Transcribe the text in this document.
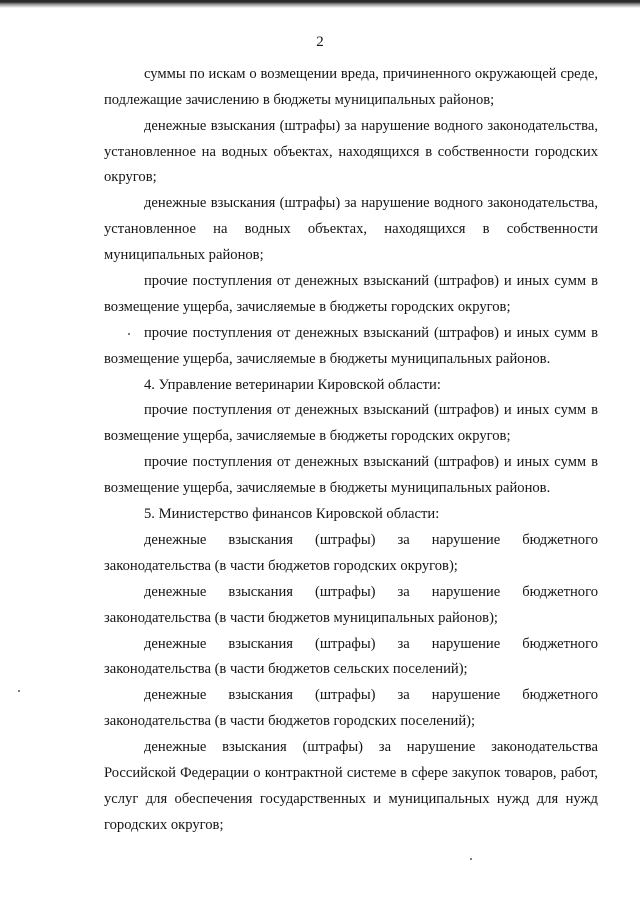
2

суммы по искам о возмещении вреда, причиненного окружающей среде, подлежащие зачислению в бюджеты муниципальных районов;

денежные взыскания (штрафы) за нарушение водного законодательства, установленное на водных объектах, находящихся в собственности городских округов;

денежные взыскания (штрафы) за нарушение водного законодательства, установленное на водных объектах, находящихся в собственности муниципальных районов;

прочие поступления от денежных взысканий (штрафов) и иных сумм в возмещение ущерба, зачисляемые в бюджеты городских округов;

прочие поступления от денежных взысканий (штрафов) и иных сумм в возмещение ущерба, зачисляемые в бюджеты муниципальных районов.

4. Управление ветеринарии Кировской области:

прочие поступления от денежных взысканий (штрафов) и иных сумм в возмещение ущерба, зачисляемые в бюджеты городских округов;

прочие поступления от денежных взысканий (штрафов) и иных сумм в возмещение ущерба, зачисляемые в бюджеты муниципальных районов.

5. Министерство финансов Кировской области:

денежные взыскания (штрафы) за нарушение бюджетного законодательства (в части бюджетов городских округов);

денежные взыскания (штрафы) за нарушение бюджетного законодательства (в части бюджетов муниципальных районов);

денежные взыскания (штрафы) за нарушение бюджетного законодательства (в части бюджетов сельских поселений);

денежные взыскания (штрафы) за нарушение бюджетного законодательства (в части бюджетов городских поселений);

денежные взыскания (штрафы) за нарушение законодательства Российской Федерации о контрактной системе в сфере закупок товаров, работ, услуг для обеспечения государственных и муниципальных нужд для нужд городских округов;
